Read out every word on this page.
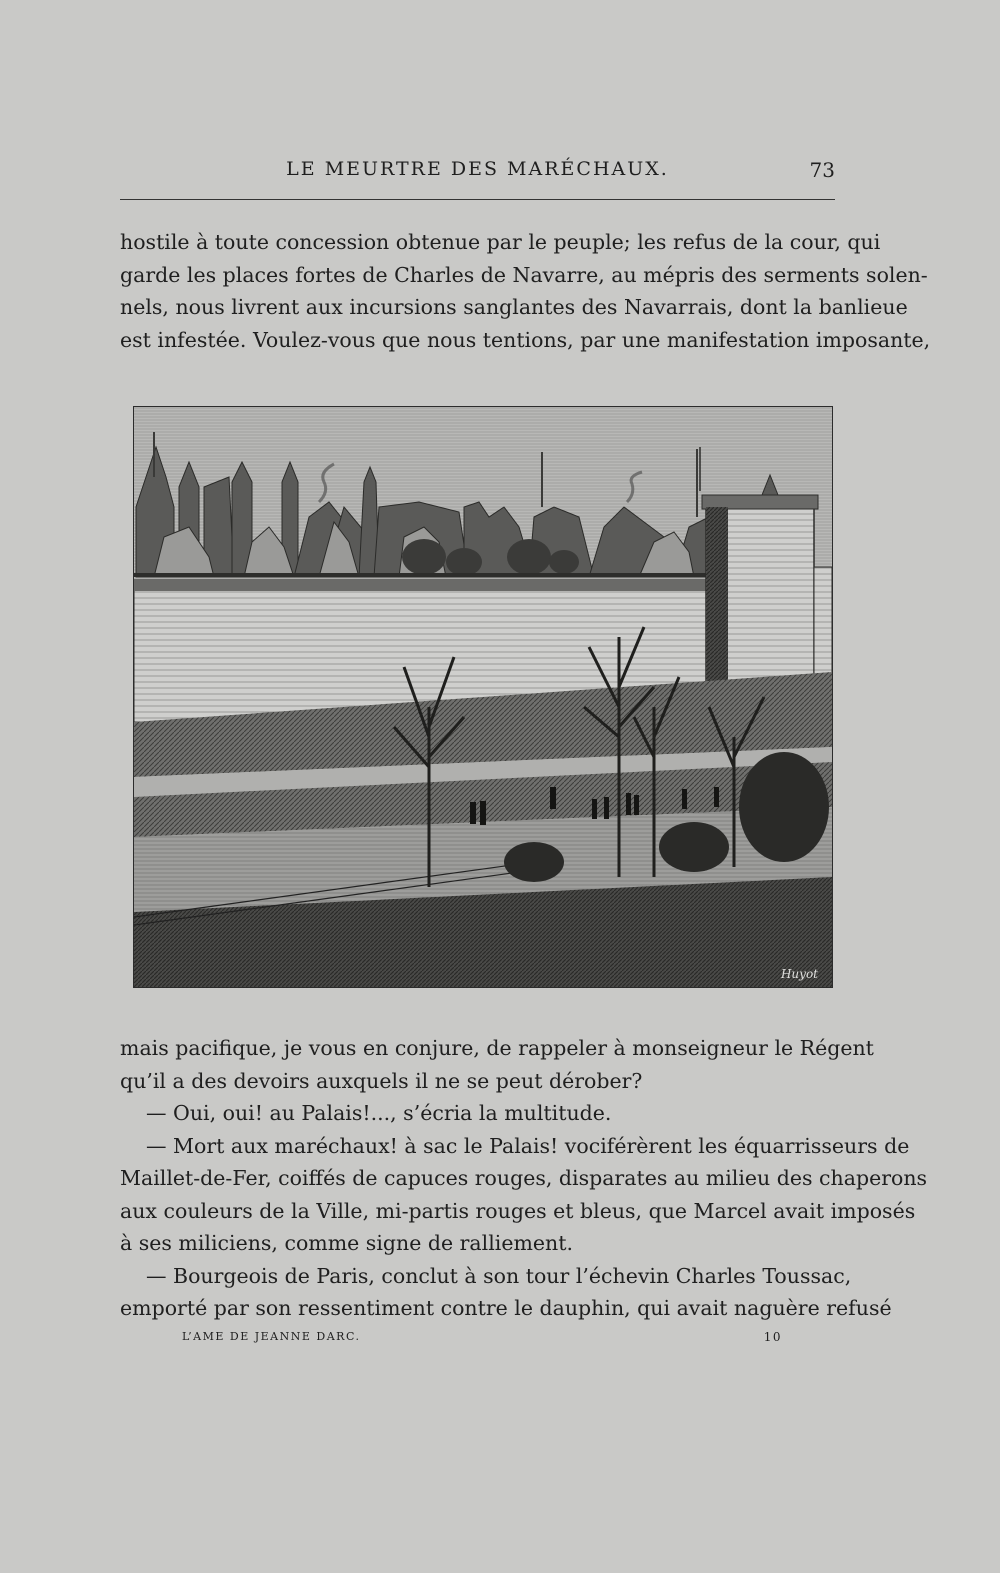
LE MEURTRE DES MARÉCHAUX.	73
hostile à toute concession obtenue par le peuple; les refus de la cour, qui
garde les places fortes de Charles de Navarre, au mépris des serments solen-
nels, nous livrent aux incursions sanglantes des Navarrais, dont la banlieue
est infestée. Voulez-vous que nous tentions, par une manifestation imposante,
Huyot
mais pacifique, je vous en conjure, de rappeler à monseigneur le Régent
qu’il a des devoirs auxquels il ne se peut dérober?
— Oui, oui! au Palais!..., s’écria la multitude.
— Mort aux maréchaux! à sac le Palais! vociférèrent les équarrisseurs de
Maillet-de-Fer, coiffés de capuces rouges, disparates au milieu des chaperons
aux couleurs de la Ville, mi-partis rouges et bleus, que Marcel avait imposés
à ses miliciens, comme signe de ralliement.
— Bourgeois de Paris, conclut à son tour l’échevin Charles Toussac,
emporté par son ressentiment contre le dauphin, qui avait naguère refusé
L’AME DE JEANNE DARC.	10
